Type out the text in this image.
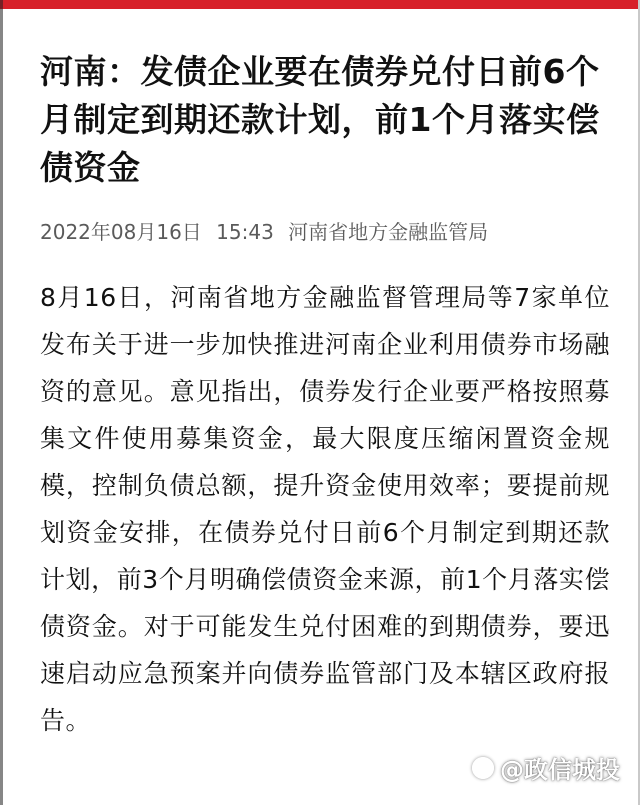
河南：发债企业要在债券兑付日前6个月制定到期还款计划，前1个月落实偿债资金
2022年08月16日 15:43 河南省地方金融监管局
8月16日，河南省地方金融监督管理局等7家单位发布关于进一步加快推进河南企业利用债券市场融资的意见。意见指出，债券发行企业要严格按照募集文件使用募集资金，最大限度压缩闲置资金规模，控制负债总额，提升资金使用效率；要提前规划资金安排，在债券兑付日前6个月制定到期还款计划，前3个月明确偿债资金来源，前1个月落实偿债资金。对于可能发生兑付困难的到期债券，要迅速启动应急预案并向债券监管部门及本辖区政府报告。
@政信城投
